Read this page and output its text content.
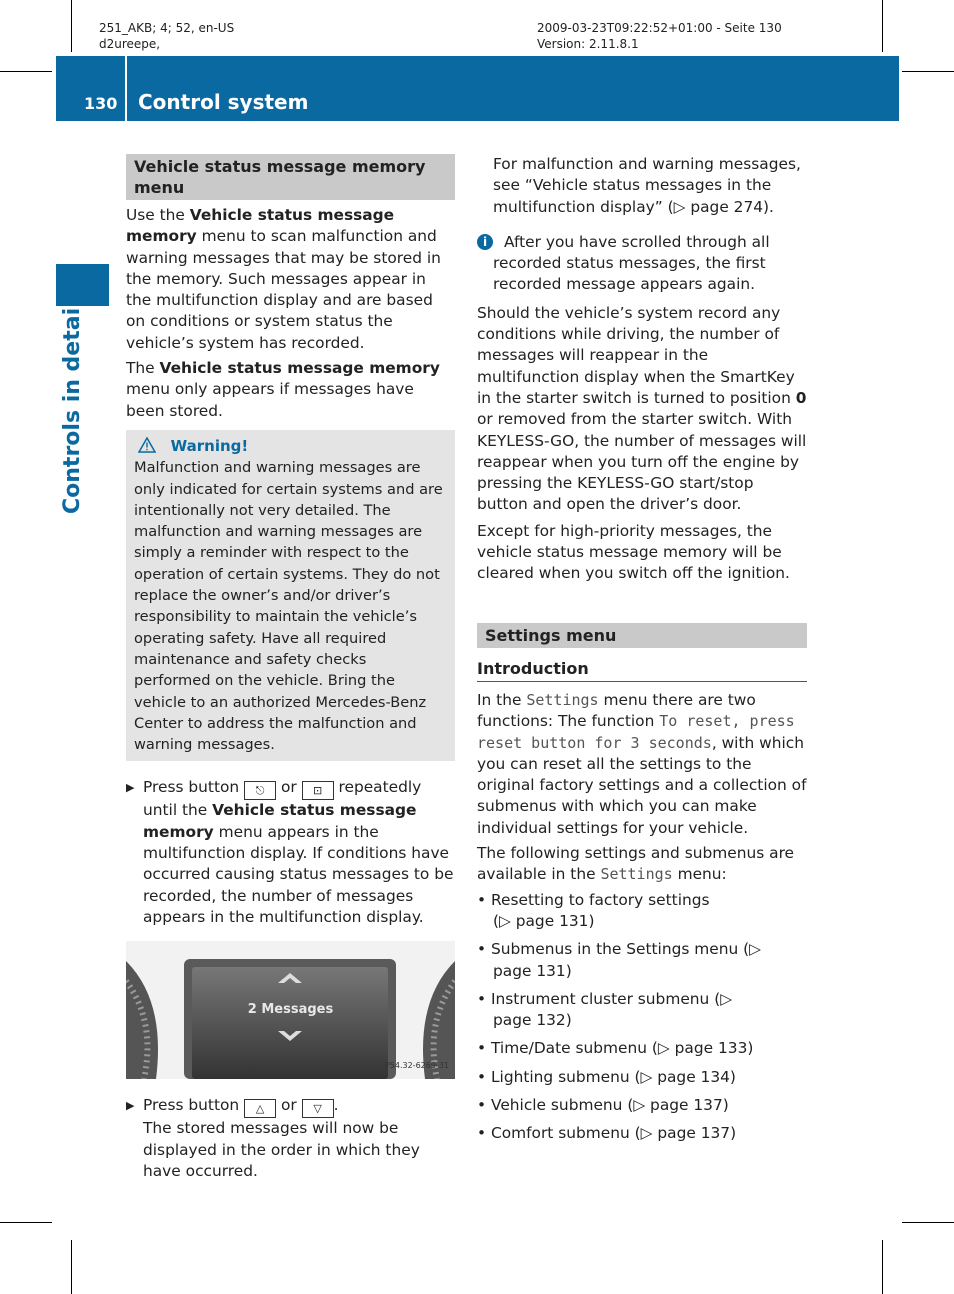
251_AKB; 4; 52, en-US
d2ureepe,
2009-03-23T09:22:52+01:00 - Seite 130
Version: 2.11.8.1
130 Control system
Controls in detail
Vehicle status message memory menu

Use the Vehicle status message memory menu to scan malfunction and warning messages that may be stored in the memory. Such messages appear in the multifunction display and are based on conditions or system status the vehicle’s system has recorded.

The Vehicle status message memory menu only appears if messages have been stored.

Warning!
Malfunction and warning messages are only indicated for certain systems and are intentionally not very detailed. The malfunction and warning messages are simply a reminder with respect to the operation of certain systems. They do not replace the owner’s and/or driver’s responsibility to maintain the vehicle’s operating safety. Have all required maintenance and safety checks performed on the vehicle. Bring the vehicle to an authorized Mercedes-Benz Center to address the malfunction and warning messages.
▶ Press button ⎋ or ⊡ repeatedly until the Vehicle status message memory menu appears in the multifunction display. If conditions have occurred causing status messages to be recorded, the number of messages appears in the multifunction display.
2 Messages
P54.32-6269-31
▶ Press button △ or ▽ .
The stored messages will now be displayed in the order in which they have occurred.

For malfunction and warning messages, see “Vehicle status messages in the multifunction display” (▷ page 274).

i	After you have scrolled through all recorded status messages, the first recorded message appears again.

Should the vehicle’s system record any conditions while driving, the number of messages will reappear in the multifunction display when the SmartKey in the starter switch is turned to position 0 or removed from the starter switch. With KEYLESS-GO, the number of messages will reappear when you turn off the engine by pressing the KEYLESS-GO start/stop button and open the driver’s door.

Except for high-priority messages, the vehicle status message memory will be cleared when you switch off the ignition.

Settings menu
Introduction

In the Settings menu there are two functions: The function To reset, press reset button for 3 seconds, with which you can reset all the settings to the original factory settings and a collection of submenus with which you can make individual settings for your vehicle.

The following settings and submenus are available in the Settings menu:

• Resetting to factory settings (▷ page 131)
• Submenus in the Settings menu (▷ page 131)
• Instrument cluster submenu (▷ page 132)
• Time/Date submenu (▷ page 133)
• Lighting submenu (▷ page 134)
• Vehicle submenu (▷ page 137)
• Comfort submenu (▷ page 137)
